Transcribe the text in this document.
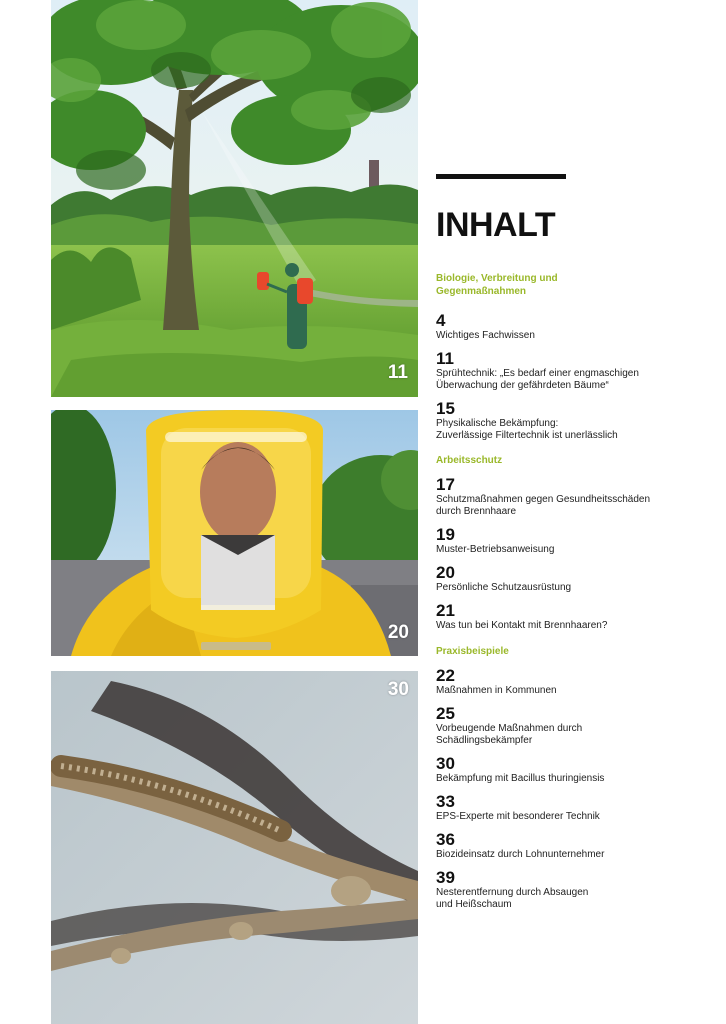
11
20
30
INHALT
Biologie, Verbreitung und
Gegenmaßnahmen
4
Wichtiges Fachwissen
11
Sprühtechnik: „Es bedarf einer engmaschigen
Überwachung der gefährdeten Bäume“
15
Physikalische Bekämpfung:
Zuverlässige Filtertechnik ist unerlässlich
Arbeitsschutz
17
Schutzmaßnahmen gegen Gesundheitsschäden
durch Brennhaare
19
Muster-Betriebsanweisung
20
Persönliche Schutzausrüstung
21
Was tun bei Kontakt mit Brennhaaren?
Praxisbeispiele
22
Maßnahmen in Kommunen
25
Vorbeugende Maßnahmen durch
Schädlingsbekämpfer
30
Bekämpfung mit Bacillus thuringiensis
33
EPS-Experte mit besonderer Technik
36
Biozideinsatz durch Lohnunternehmer
39
Nesterentfernung durch Absaugen
und Heißschaum
